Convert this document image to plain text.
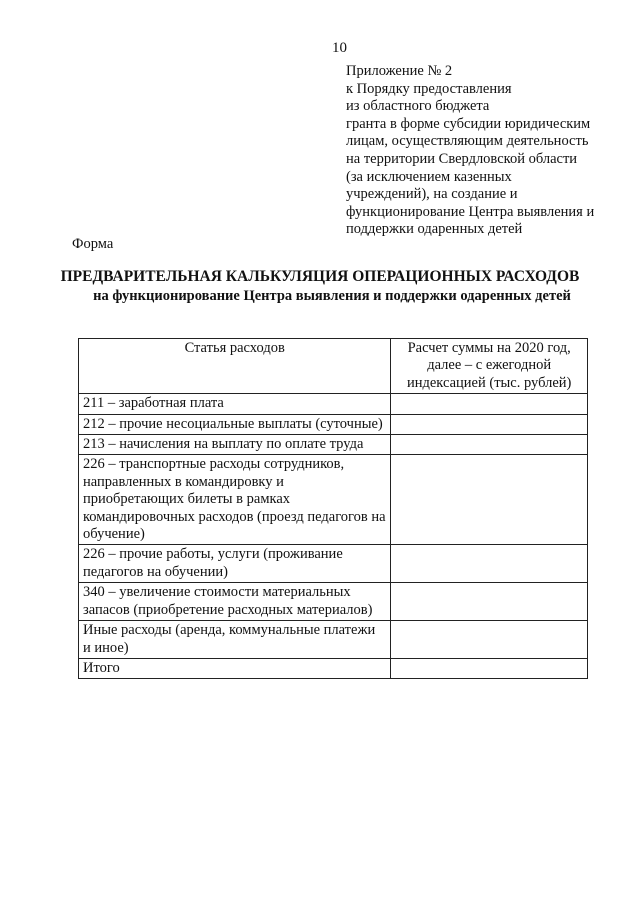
10
Приложение № 2
к Порядку предоставления
из областного бюджета
гранта в форме субсидии юридическим
лицам, осуществляющим деятельность
на территории Свердловской области
(за исключением казенных
учреждений), на создание и
функционирование Центра выявления и
поддержки одаренных детей
Форма
ПРЕДВАРИТЕЛЬНАЯ КАЛЬКУЛЯЦИЯ ОПЕРАЦИОННЫХ РАСХОДОВ
на функционирование Центра выявления и поддержки одаренных детей
Статья расходов	Расчет суммы на 2020 год, далее – с ежегодной индексацией (тыс. рублей)
211 – заработная плата	
212 – прочие несоциальные выплаты (суточные)	
213 – начисления на выплату по оплате труда	
226 – транспортные расходы сотрудников, направленных в командировку и приобретающих билеты в рамках командировочных расходов (проезд педагогов на обучение)	
226 – прочие работы, услуги (проживание педагогов на обучении)	
340 – увеличение стоимости материальных запасов (приобретение расходных материалов)	
Иные расходы (аренда, коммунальные платежи и иное)	
Итого	
